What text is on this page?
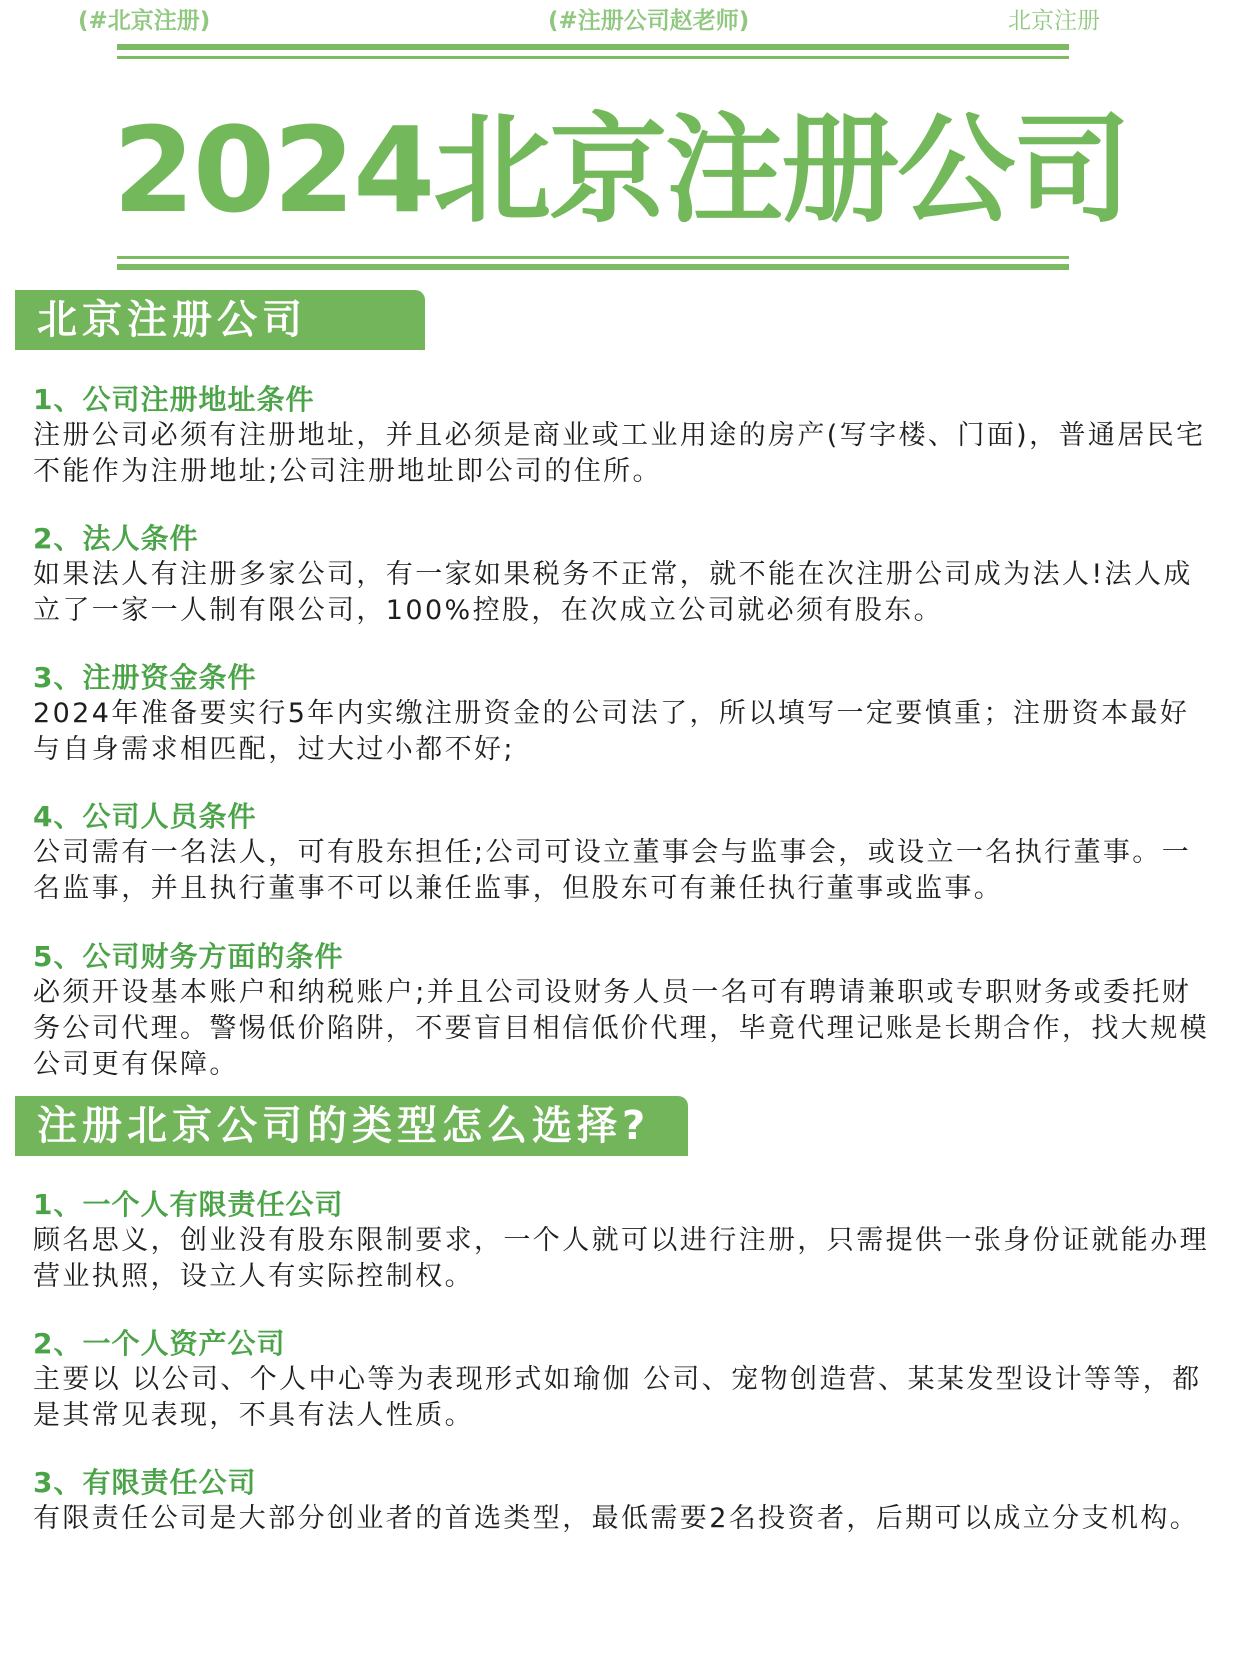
(#北京注册)	(#注册公司赵老师)	北京注册
2024北京注册公司
北京注册公司
1、公司注册地址条件
注册公司必须有注册地址，并且必须是商业或工业用途的房产(写字楼、门面)，普通居民宅不能作为注册地址;公司注册地址即公司的住所。
2、法人条件
如果法人有注册多家公司，有一家如果税务不正常，就不能在次注册公司成为法人!法人成立了一家一人制有限公司，100%控股，在次成立公司就必须有股东。
3、注册资金条件
2024年准备要实行5年内实缴注册资金的公司法了，所以填写一定要慎重；注册资本最好与自身需求相匹配，过大过小都不好;
4、公司人员条件
公司需有一名法人，可有股东担任;公司可设立董事会与监事会，或设立一名执行董事。一名监事，并且执行董事不可以兼任监事，但股东可有兼任执行董事或监事。
5、公司财务方面的条件
必须开设基本账户和纳税账户;并且公司设财务人员一名可有聘请兼职或专职财务或委托财务公司代理。警惕低价陷阱，不要盲目相信低价代理，毕竟代理记账是长期合作，找大规模公司更有保障。
注册北京公司的类型怎么选择?
1、一个人有限责任公司
顾名思义，创业没有股东限制要求，一个人就可以进行注册，只需提供一张身份证就能办理营业执照，设立人有实际控制权。
2、一个人资产公司
主要以 以公司、个人中心等为表现形式如瑜伽 公司、宠物创造营、某某发型设计等等，都是其常见表现，不具有法人性质。
3、有限责任公司
有限责任公司是大部分创业者的首选类型，最低需要2名投资者，后期可以成立分支机构。
